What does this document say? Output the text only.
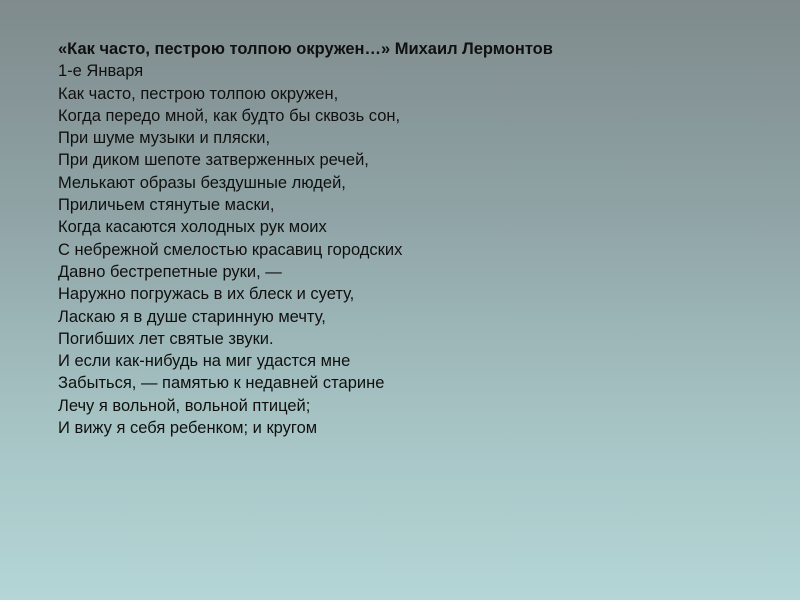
«Как часто, пестрою толпою окружен…» Михаил Лермонтов
1-е Января
Как часто, пестрою толпою окружен,
Когда передо мной, как будто бы сквозь сон,
При шуме музыки и пляски,
При диком шепоте затверженных речей,
Мелькают образы бездушные людей,
Приличьем стянутые маски,
Когда касаются холодных рук моих
С небрежной смелостью красавиц городских
Давно бестрепетные руки, —
Наружно погружась в их блеск и суету,
Ласкаю я в душе старинную мечту,
Погибших лет святые звуки.
И если как-нибудь на миг удастся мне
Забыться, — памятью к недавней старине
Лечу я вольной, вольной птицей;
И вижу я себя ребенком; и кругом
